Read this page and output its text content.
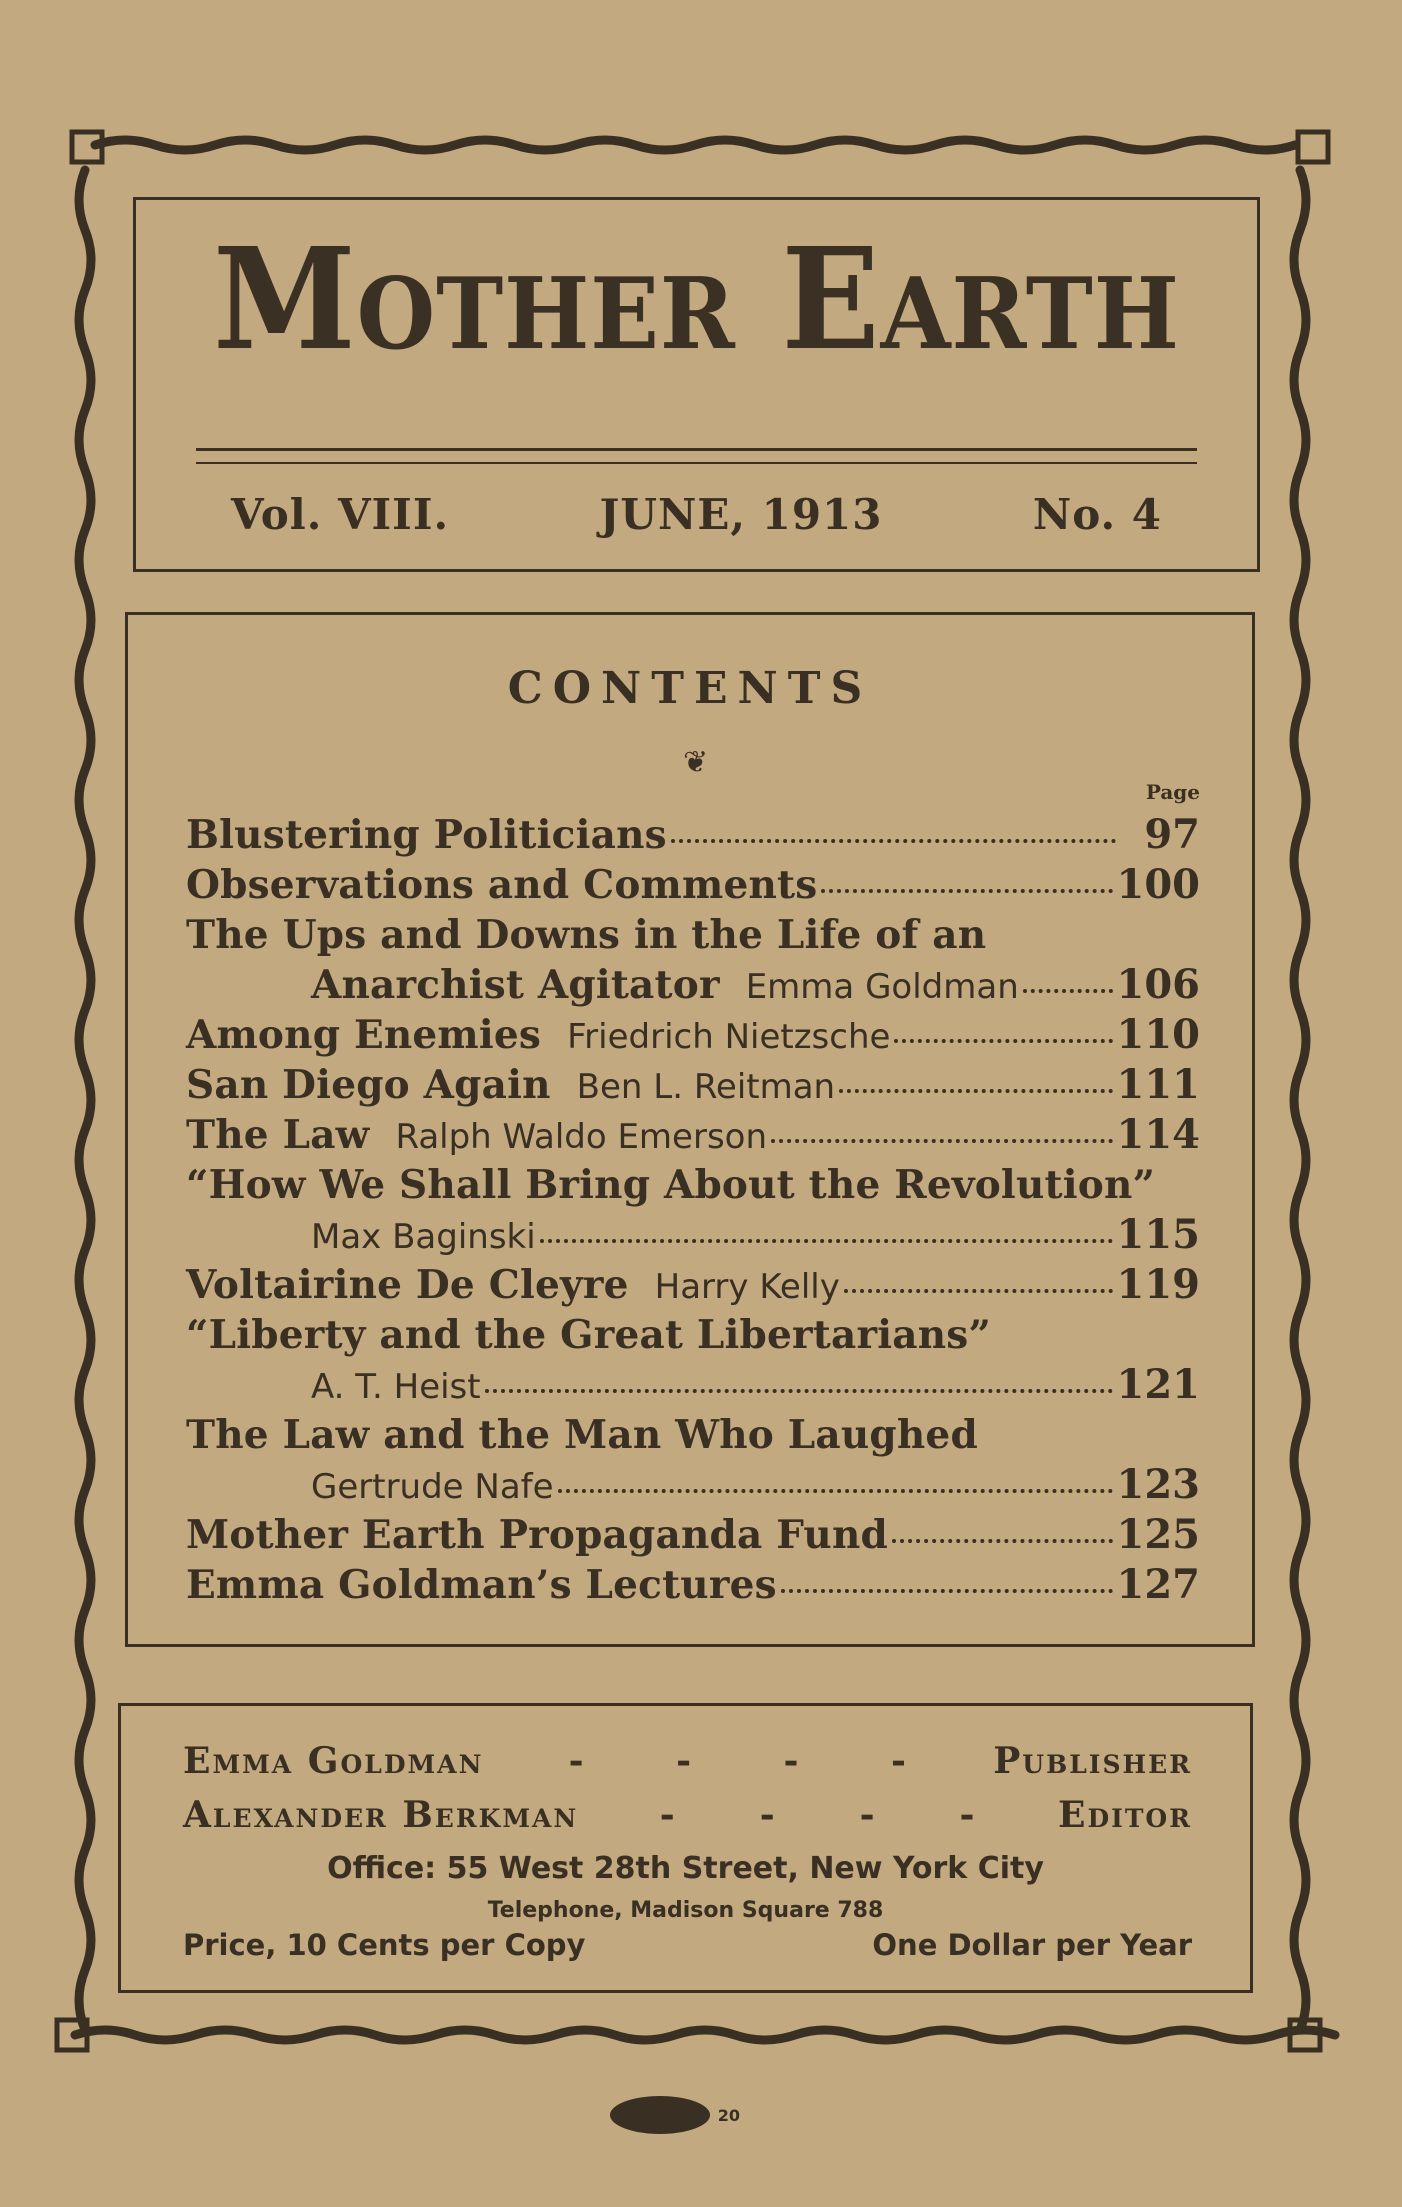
Mother Earth
Vol. VIII.	JUNE, 1913	No. 4
CONTENTS
❦
Page
Blustering Politicians	97
Observations and Comments	100
The Ups and Downs in the Life of an
Anarchist Agitator Emma Goldman 106
Among Enemies Friedrich Nietzsche	110
San Diego Again Ben L. Reitman	111
The Law Ralph Waldo Emerson	114
“How We Shall Bring About the Revolution”
Max Baginski	115
Voltairine De Cleyre Harry Kelly	119
“Liberty and the Great Libertarians”
A. T. Heist	121
The Law and the Man Who Laughed
Gertrude Nafe	123
Mother Earth Propaganda Fund	125
Emma Goldman’s Lectures	127
Emma Goldman -	-	-	- Publisher
Alexander Berkman - - - - Editor
Office: 55 West 28th Street, New York City
Telephone, Madison Square 788
Price, 10 Cents per Copy	One Dollar per Year
20
